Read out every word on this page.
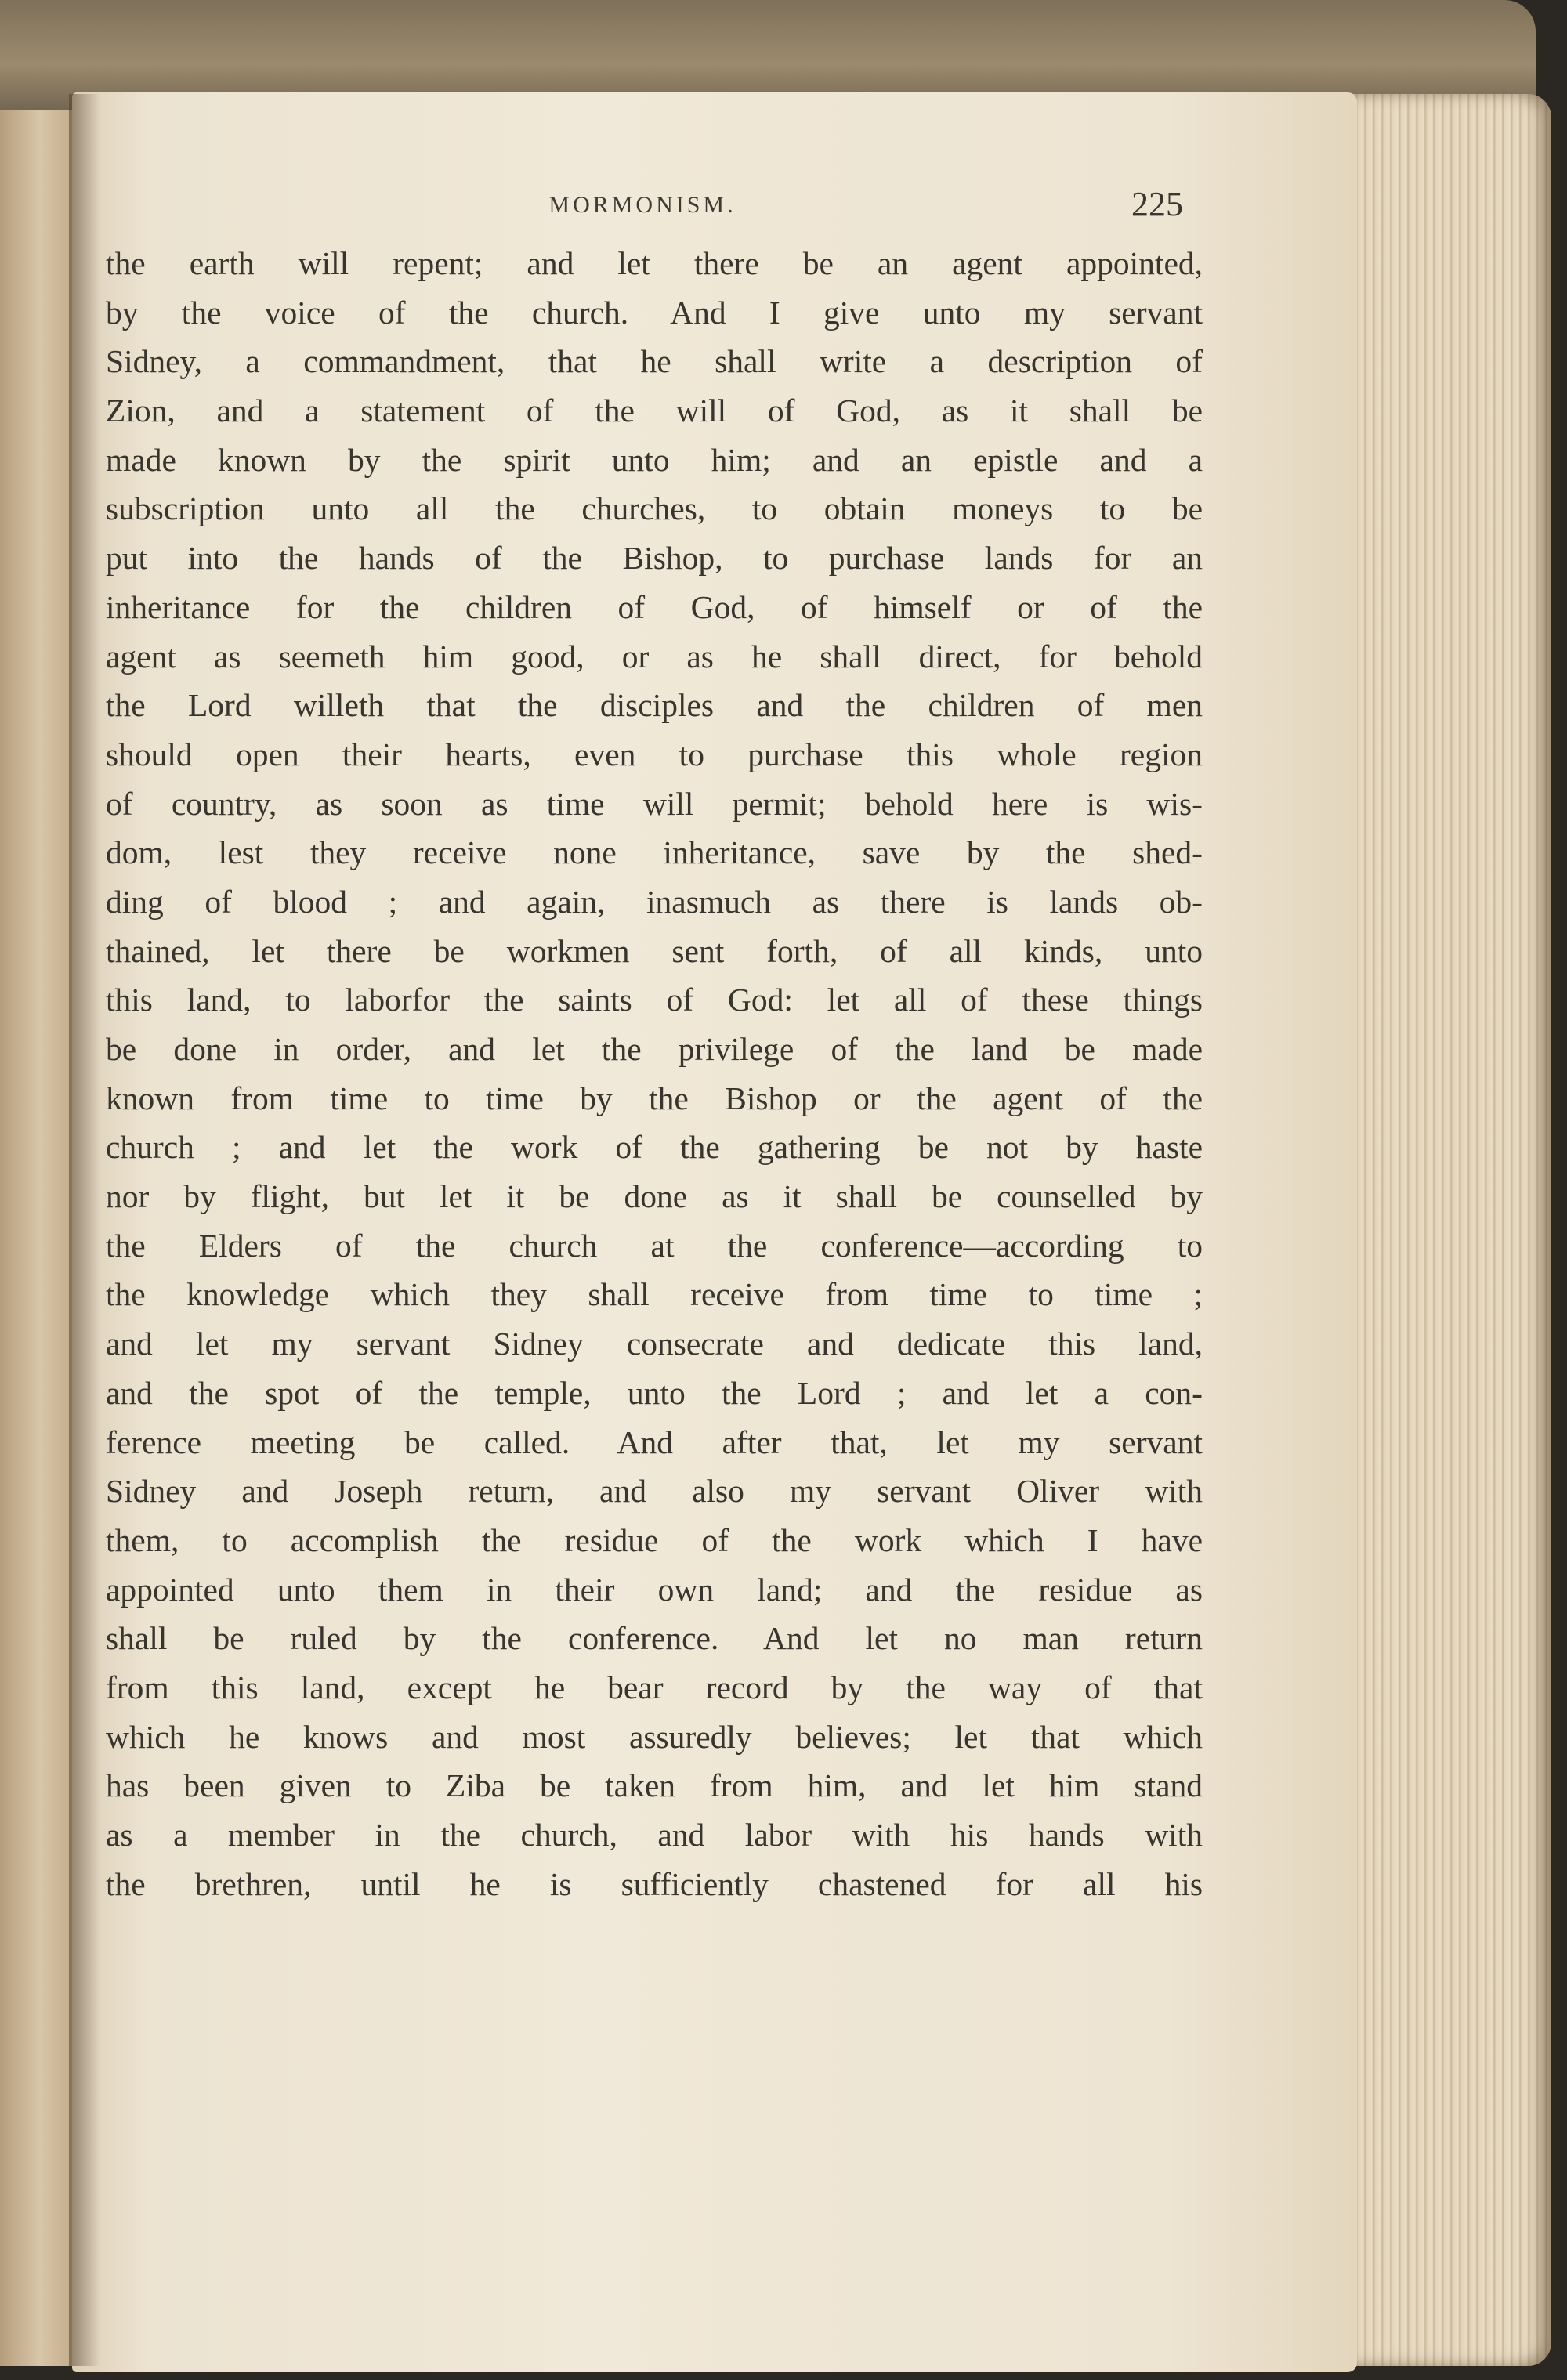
MORMONISM.	225
the earth will repent; and let there be an agent appointed,
by the voice of the church. And I give unto my servant
Sidney, a commandment, that he shall write a description of
Zion, and a statement of the will of God, as it shall be
made known by the spirit unto him; and an epistle and a
subscription unto all the churches, to obtain moneys to be
put into the hands of the Bishop, to purchase lands for an
inheritance for the children of God, of himself or of the
agent as seemeth him good, or as he shall direct, for behold
the Lord willeth that the disciples and the children of men
should open their hearts, even to purchase this whole region
of country, as soon as time will permit; behold here is wis-
dom, lest they receive none inheritance, save by the shed-
ding of blood ; and again, inasmuch as there is lands ob-
thained, let there be workmen sent forth, of all kinds, unto
this land, to laborfor the saints of God: let all of these things
be done in order, and let the privilege of the land be made
known from time to time by the Bishop or the agent of the
church ; and let the work of the gathering be not by haste
nor by flight, but let it be done as it shall be counselled by
the Elders of the church at the conference—according to
the knowledge which they shall receive from time to time ;
and let my servant Sidney consecrate and dedicate this land,
and the spot of the temple, unto the Lord ; and let a con-
ference meeting be called. And after that, let my servant
Sidney and Joseph return, and also my servant Oliver with
them, to accomplish the residue of the work which I have
appointed unto them in their own land; and the residue as
shall be ruled by the conference. And let no man return
from this land, except he bear record by the way of that
which he knows and most assuredly believes; let that which
has been given to Ziba be taken from him, and let him stand
as a member in the church, and labor with his hands with
the brethren, until he is sufficiently chastened for all his
